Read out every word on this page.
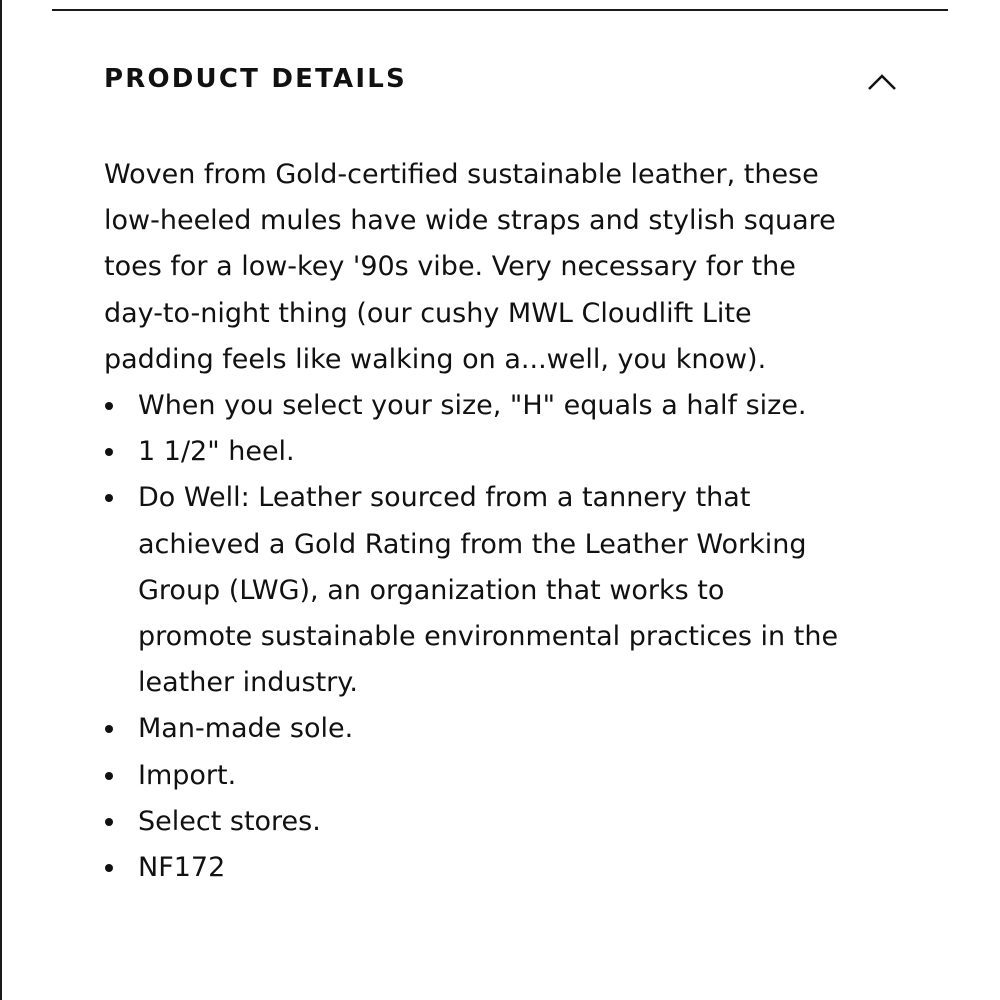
PRODUCT DETAILS

Woven from Gold-certified sustainable leather, these low-heeled mules have wide straps and stylish square toes for a low-key '90s vibe. Very necessary for the day-to-night thing (our cushy MWL Cloudlift Lite padding feels like walking on a...well, you know).

When you select your size, "H" equals a half size.
1 1/2" heel.
Do Well: Leather sourced from a tannery that achieved a Gold Rating from the Leather Working Group (LWG), an organization that works to promote sustainable environmental practices in the leather industry.
Man-made sole.
Import.
Select stores.
NF172
